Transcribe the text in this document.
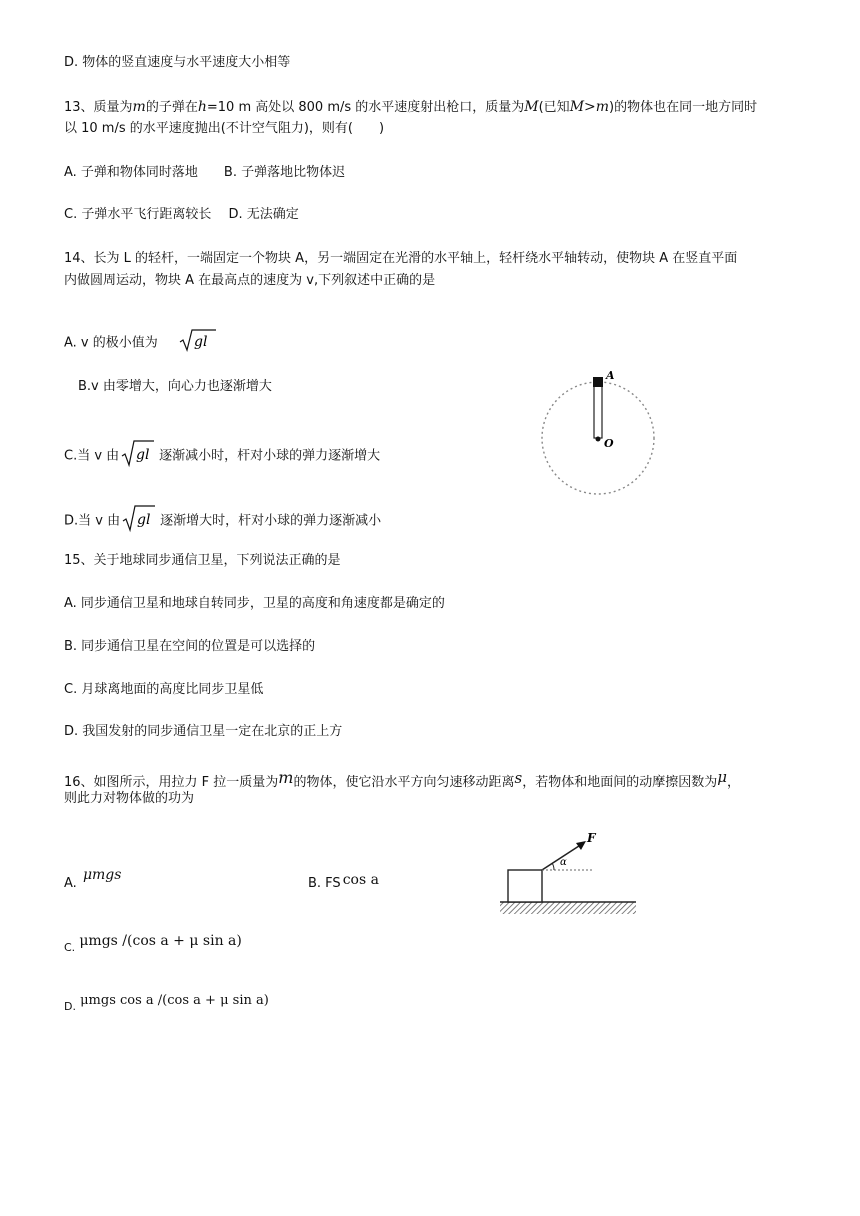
D. 物体的竖直速度与水平速度大小相等
13、质量为m的子弹在h=10 m 高处以 800 m/s 的水平速度射出枪口，质量为M(已知M>m)的物体也在同一地方同时
以 10 m/s 的水平速度抛出(不计空气阻力)，则有(　　)
A. 子弹和物体同时落地　　B. 子弹落地比物体迟
C. 子弹水平飞行距离较长　 D. 无法确定
14、长为 L 的轻杆，一端固定一个物块 A，另一端固定在光滑的水平轴上，轻杆绕水平轴转动，使物块 A 在竖直平面
内做圆周运动，物块 A 在最高点的速度为 v,下列叙述中正确的是
A. v 的极小值为	gl
B.v 由零增大，向心力也逐渐增大
C.当 v 由 gl 逐渐减小时，杆对小球的弹力逐渐增大
D.当 v 由 gl 逐渐增大时，杆对小球的弹力逐渐减小
A
O
15、关于地球同步通信卫星，下列说法正确的是
A. 同步通信卫星和地球自转同步，卫星的高度和角速度都是确定的
B. 同步通信卫星在空间的位置是可以选择的
C. 月球离地面的高度比同步卫星低
D. 我国发射的同步通信卫星一定在北京的正上方
16、如图所示，用拉力 F 拉一质量为m的物体，使它沿水平方向匀速移动距离s，若物体和地面间的动摩擦因数为μ，
则此力对物体做的功为
A. μmgs
B. FS cos a
$_{C.}$ μmgs /(cos a + μ sin a)
$_{D.}$ μmgs cos a /(cos a + μ sin a)
F
α
